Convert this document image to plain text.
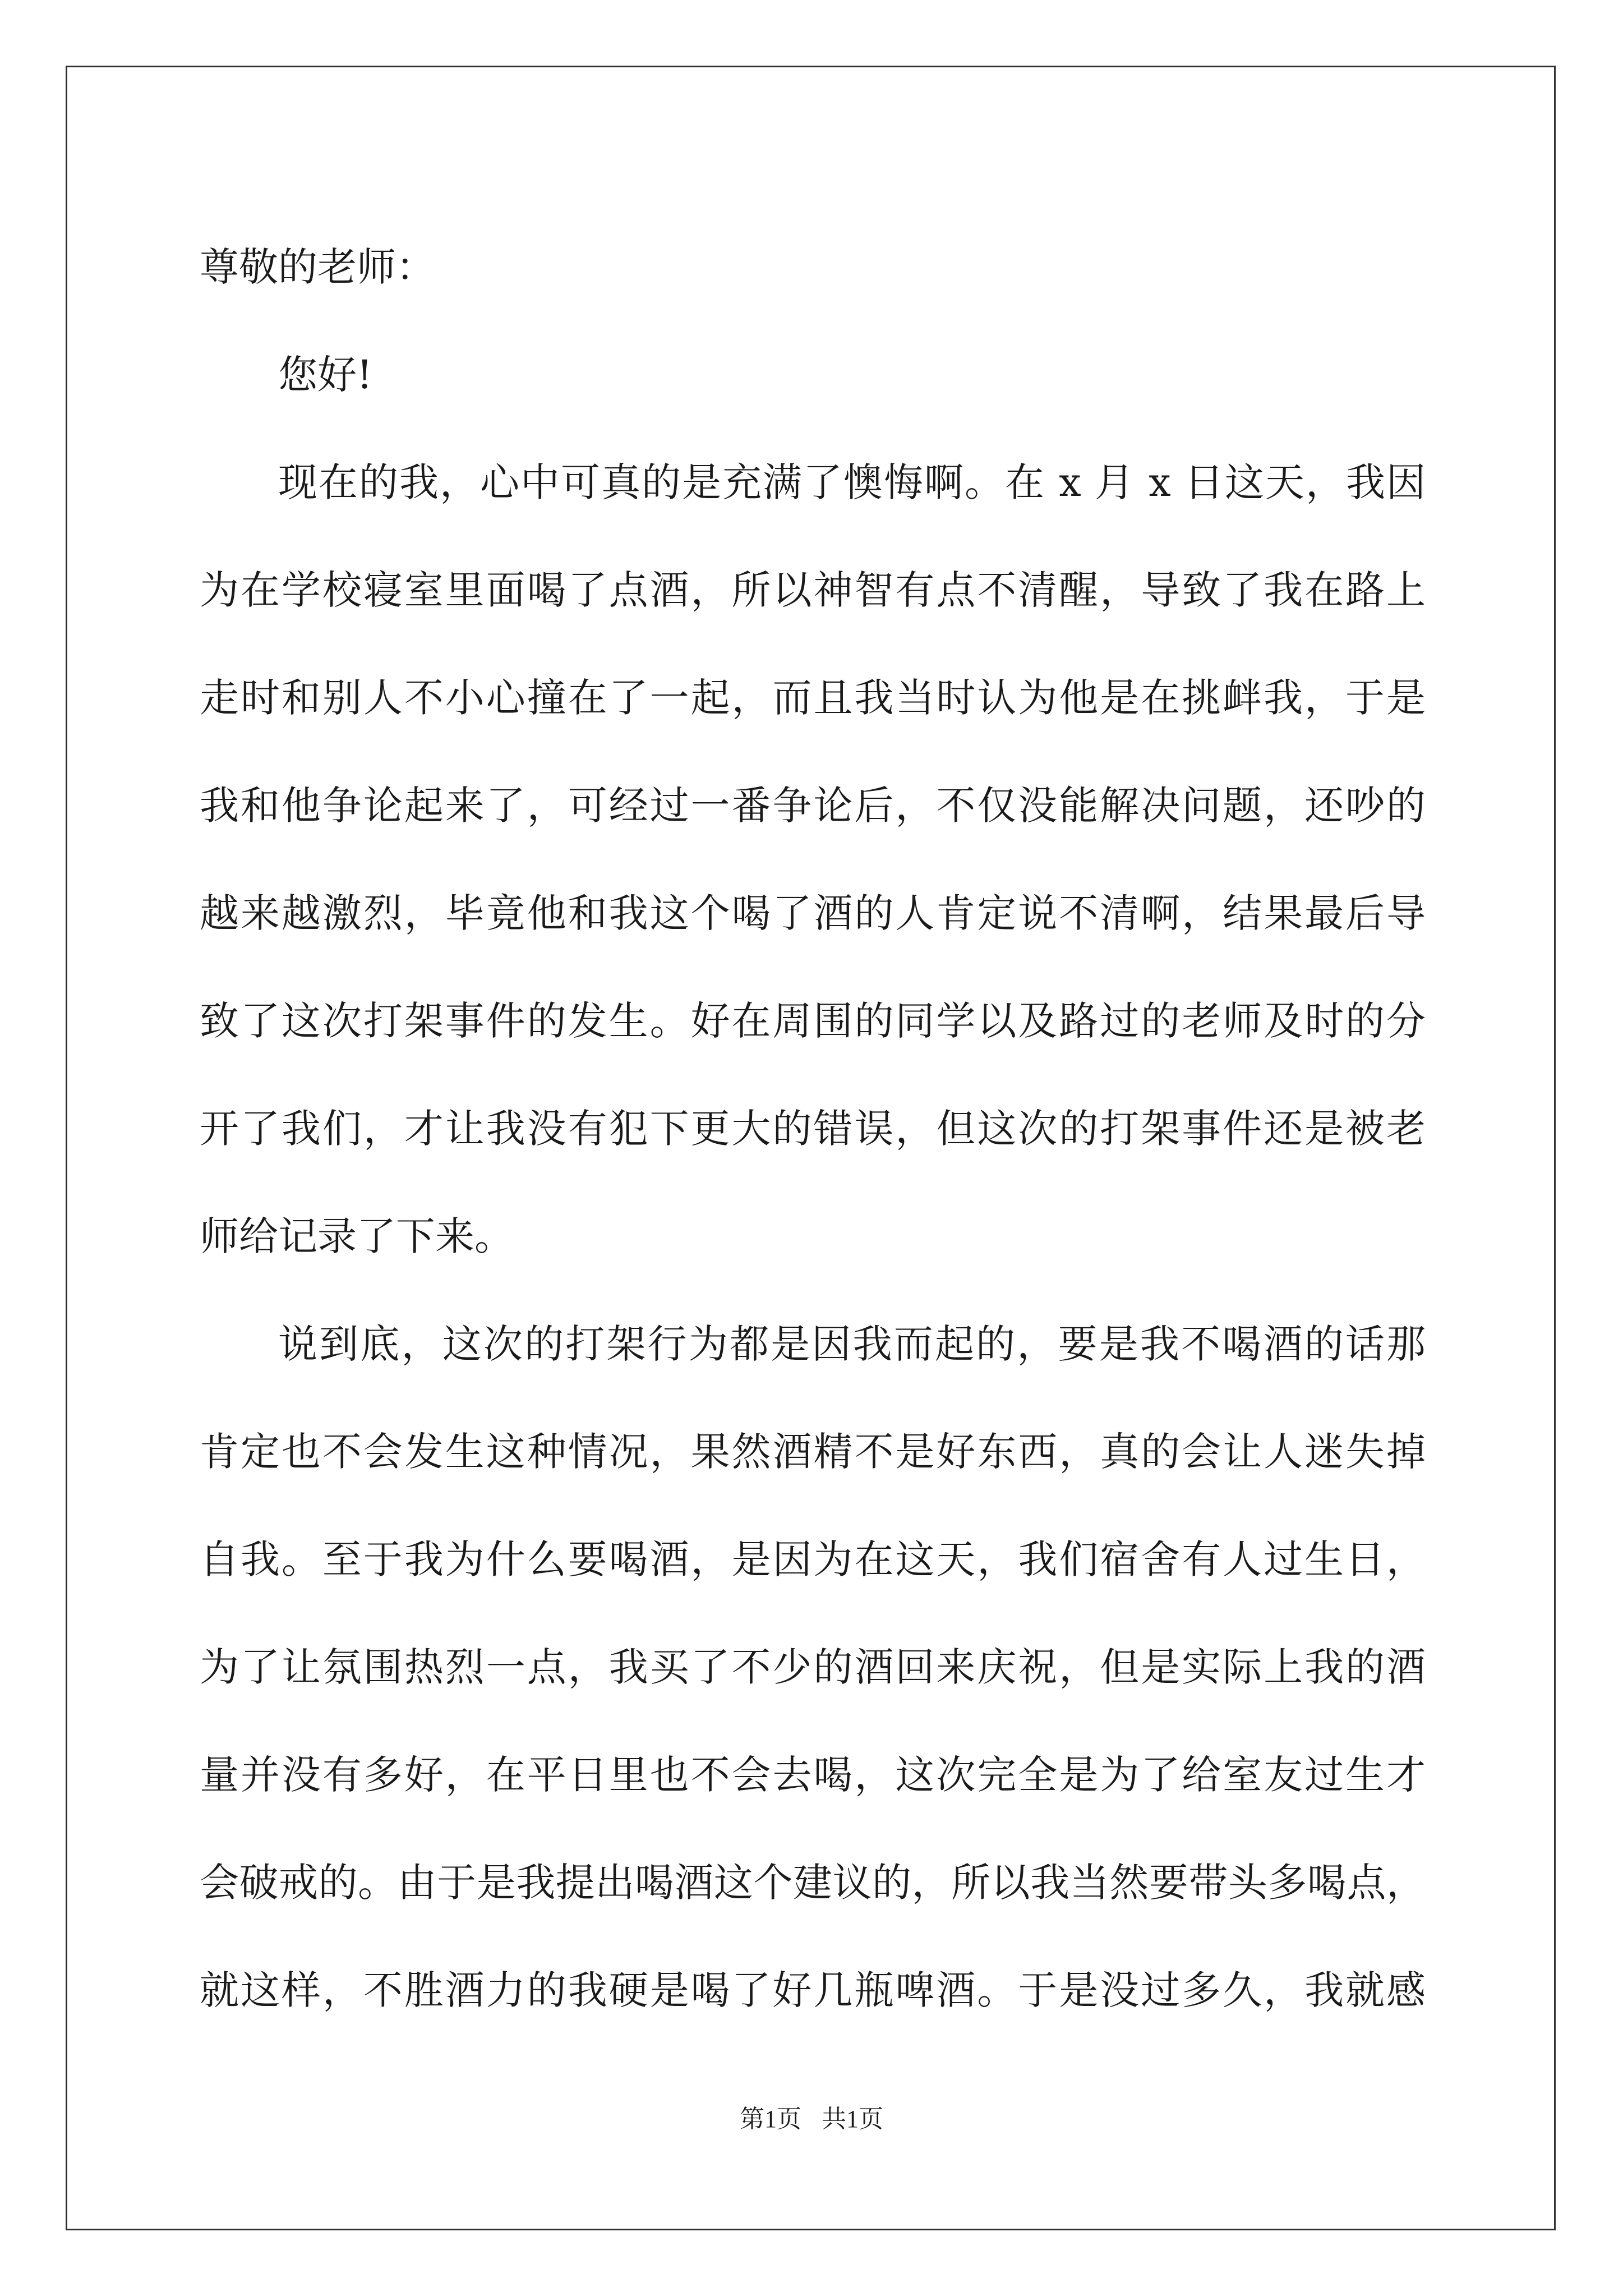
尊敬的老师：
您好!
现在的我，心中可真的是充满了懊悔啊。在 x 月 x 日这天，我因
为在学校寝室里面喝了点酒，所以神智有点不清醒，导致了我在路上
走时和别人不小心撞在了一起，而且我当时认为他是在挑衅我，于是
我和他争论起来了，可经过一番争论后，不仅没能解决问题，还吵的
越来越激烈，毕竟他和我这个喝了酒的人肯定说不清啊，结果最后导
致了这次打架事件的发生。好在周围的同学以及路过的老师及时的分
开了我们，才让我没有犯下更大的错误，但这次的打架事件还是被老
师给记录了下来。
说到底，这次的打架行为都是因我而起的，要是我不喝酒的话那
肯定也不会发生这种情况，果然酒精不是好东西，真的会让人迷失掉
自我。至于我为什么要喝酒，是因为在这天，我们宿舍有人过生日，
为了让氛围热烈一点，我买了不少的酒回来庆祝，但是实际上我的酒
量并没有多好，在平日里也不会去喝，这次完全是为了给室友过生才
会破戒的。由于是我提出喝酒这个建议的，所以我当然要带头多喝点，
就这样，不胜酒力的我硬是喝了好几瓶啤酒。于是没过多久，我就感
第1页 共1页
